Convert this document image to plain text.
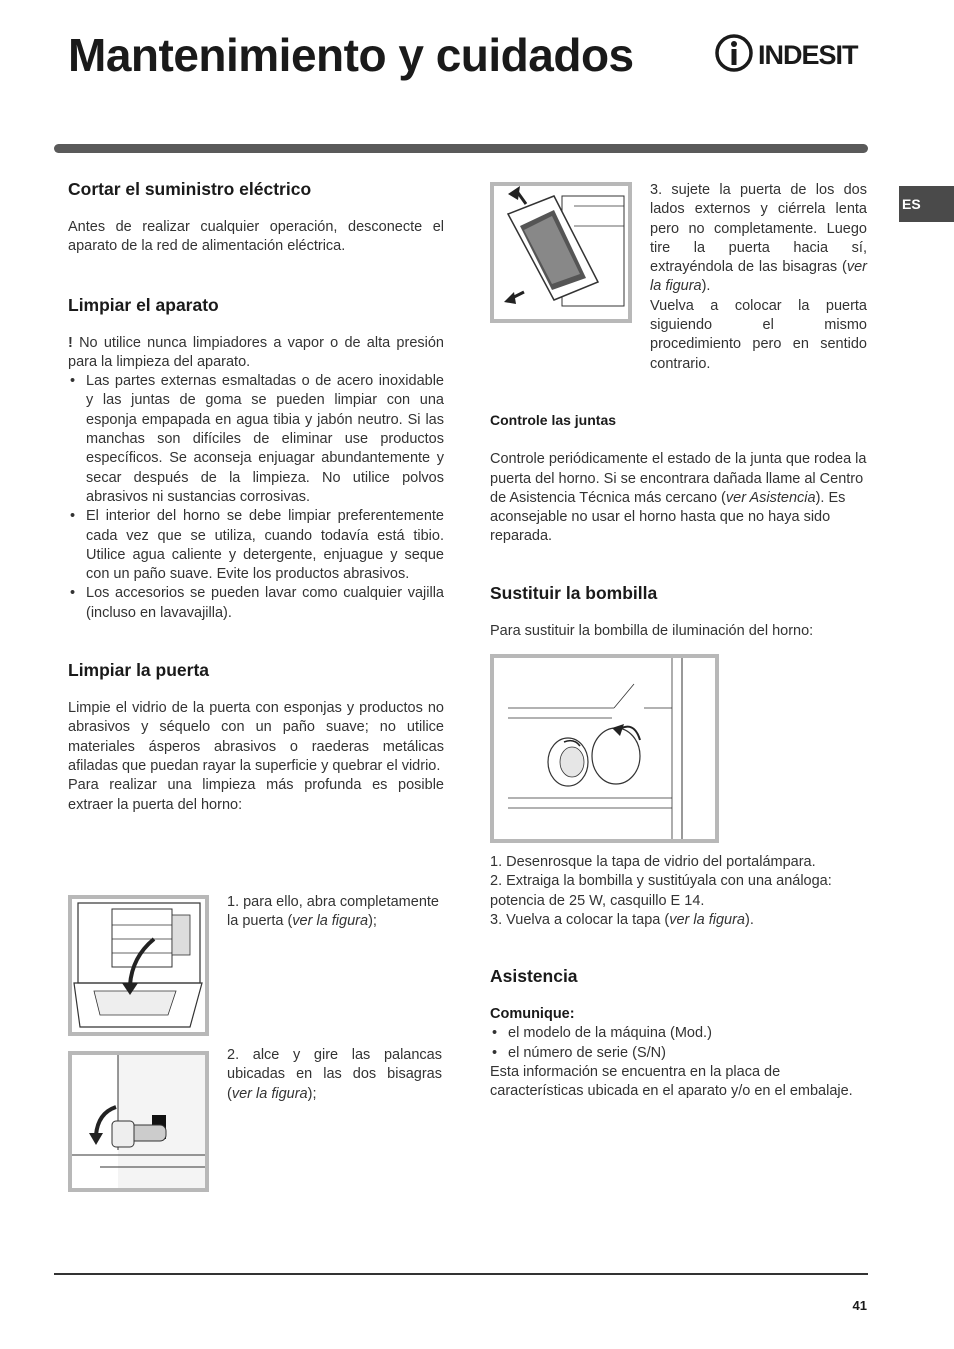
Mantenimiento y cuidados	INDESIT
ES
Cortar el suministro eléctrico

Antes de realizar cualquier operación, desconecte el aparato de la red de alimentación eléctrica.

Limpiar el aparato

! No utilice nunca limpiadores a vapor o de alta presión para la limpieza del aparato.

• Las partes externas esmaltadas o de acero inoxidable y las juntas de goma se pueden limpiar con una esponja empapada en agua tibia y jabón neutro. Si las manchas son difíciles de eliminar use productos específicos. Se aconseja enjuagar abundantemente y secar después de la limpieza. No utilice polvos abrasivos ni sustancias corrosivas.
• El interior del horno se debe limpiar preferentemente cada vez que se utiliza, cuando todavía está tibio. Utilice agua caliente y detergente, enjuague y seque con un paño suave. Evite los productos abrasivos.
• Los accesorios se pueden lavar como cualquier vajilla (incluso en lavavajilla).
Limpiar la puerta

Limpie el vidrio de la puerta con esponjas y productos no abrasivos y séquelo con un paño suave; no utilice materiales ásperos abrasivos o raederas metálicas afiladas que puedan rayar la superficie y quebrar el vidrio.

Para realizar una limpieza más profunda es posible extraer la puerta del horno:

1. para ello, abra completamente la puerta (ver la figura);

2. alce y gire las palancas ubicadas en las dos bisagras (ver la figura);

3. sujete la puerta de los dos lados externos y ciérrela lenta pero no completamente. Luego tire la puerta hacia sí, extrayéndola de las bisagras (ver la figura).

Vuelva a colocar la puerta siguiendo el mismo procedimiento pero en sentido contrario.

Controle las juntas

Controle periódicamente el estado de la junta que rodea la puerta del horno. Si se encontrara dañada llame al Centro de Asistencia Técnica más cercano (ver Asistencia). Es aconsejable no usar el horno hasta que no haya sido reparada.

Sustituir la bombilla

Para sustituir la bombilla de iluminación del horno:

1. Desenrosque la tapa de vidrio del portalámpara.
2. Extraiga la bombilla y sustitúyala con una análoga: potencia de 25 W, casquillo E 14.
3. Vuelva a colocar la tapa (ver la figura).
Asistencia
Comunique:
• el modelo de la máquina (Mod.)
• el número de serie (S/N)

Esta información se encuentra en la placa de características ubicada en el aparato y/o en el embalaje.

41
